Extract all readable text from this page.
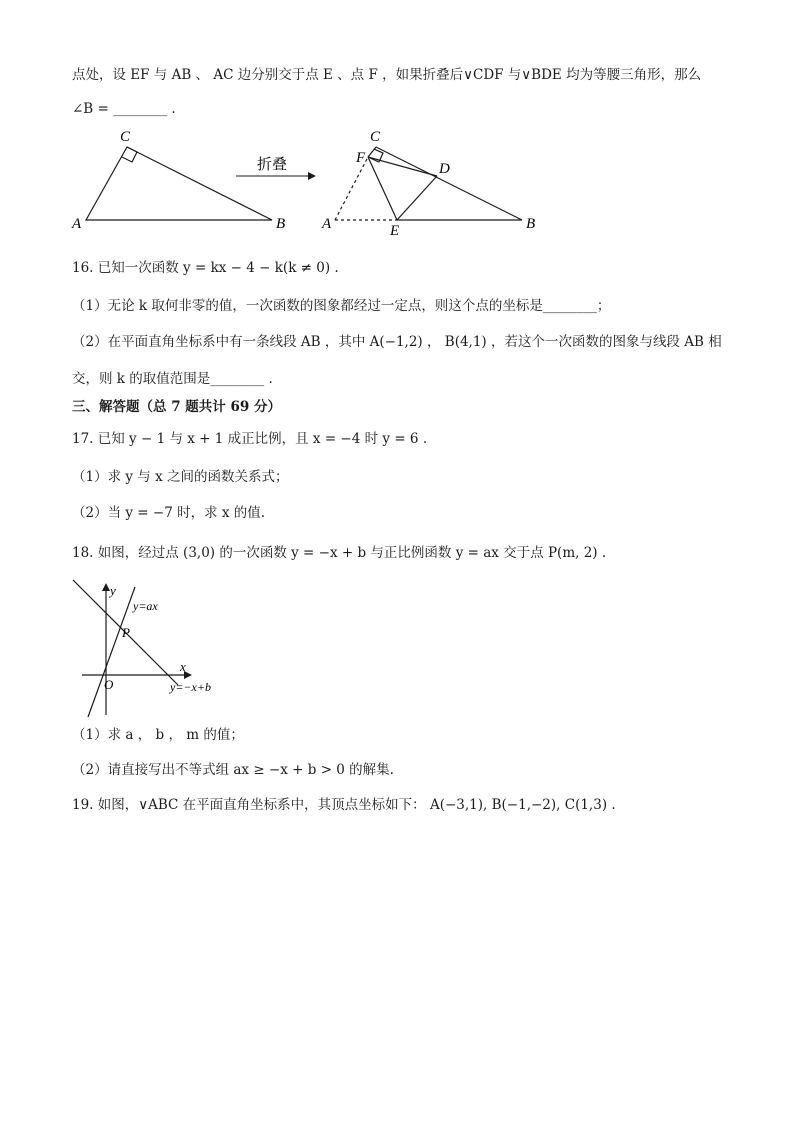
点处，设 EF 与 AB 、 AC 边分别交于点 E 、点 F ，如果折叠后∨CDF 与∨BDE 均为等腰三角形，那么
∠B = ________ .
C
A	B
折叠
C
F
D
A	E	B
16. 已知一次函数 y = kx − 4 − k(k ≠ 0) .
（1）无论 k 取何非零的值，一次函数的图象都经过一定点，则这个点的坐标是________；
（2）在平面直角坐标系中有一条线段 AB ，其中 A(−1,2) ， B(4,1) ，若这个一次函数的图象与线段 AB 相
交，则 k 的取值范围是________ .
三、解答题（总 7 题共计 69 分）
17. 已知 y − 1 与 x + 1 成正比例，且 x = −4 时 y = 6 .
（1）求 y 与 x 之间的函数关系式；
（2）当 y = −7 时，求 x 的值.
18. 如图，经过点 (3,0) 的一次函数 y = −x + b 与正比例函数 y = ax 交于点 P(m, 2) .
x
y
O
P
y=ax
y=−x+b
（1）求 a ， b ， m 的值；
（2）请直接写出不等式组 ax ≥ −x + b > 0 的解集.
19. 如图，∨ABC 在平面直角坐标系中，其顶点坐标如下： A(−3,1), B(−1,−2), C(1,3) .
